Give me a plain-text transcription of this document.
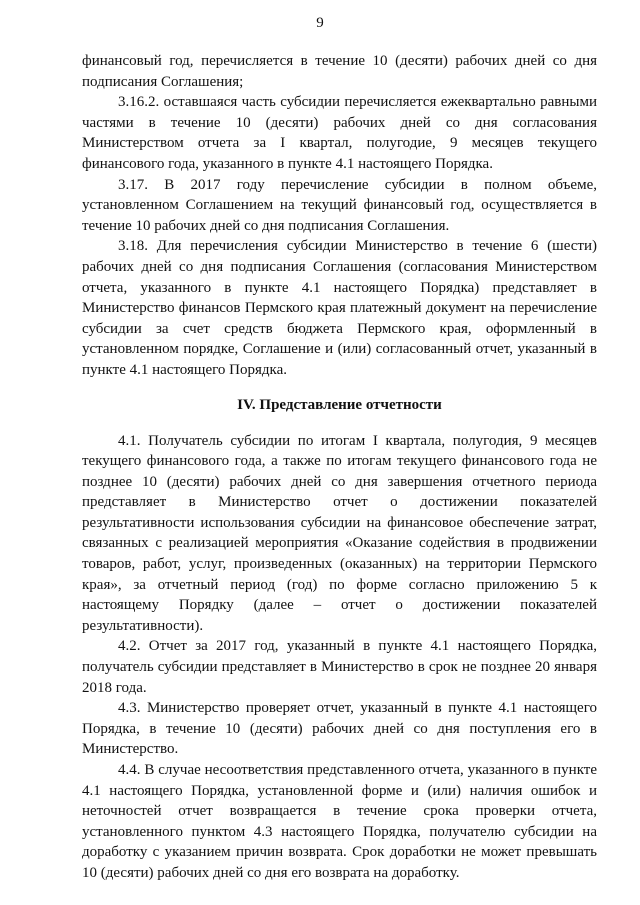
9

финансовый год, перечисляется в течение 10 (десяти) рабочих дней со дня подписания Соглашения;

3.16.2. оставшаяся часть субсидии перечисляется ежеквартально равными частями в течение 10 (десяти) рабочих дней со дня согласования Министерством отчета за I квартал, полугодие, 9 месяцев текущего финансового года, указанного в пункте 4.1 настоящего Порядка.

3.17. В 2017 году перечисление субсидии в полном объеме, установленном Соглашением на текущий финансовый год, осуществляется в течение 10 рабочих дней со дня подписания Соглашения.

3.18. Для перечисления субсидии Министерство в течение 6 (шести) рабочих дней со дня подписания Соглашения (согласования Министерством отчета, указанного в пункте 4.1 настоящего Порядка) представляет в Министерство финансов Пермского края платежный документ на перечисление субсидии за счет средств бюджета Пермского края, оформленный в установленном порядке, Соглашение и (или) согласованный отчет, указанный в пункте 4.1 настоящего Порядка.

IV. Представление отчетности

4.1. Получатель субсидии по итогам I квартала, полугодия, 9 месяцев текущего финансового года, а также по итогам текущего финансового года не позднее 10 (десяти) рабочих дней со дня завершения отчетного периода представляет в Министерство отчет о достижении показателей результативности использования субсидии на финансовое обеспечение затрат, связанных с реализацией мероприятия «Оказание содействия в продвижении товаров, работ, услуг, произведенных (оказанных) на территории Пермского края», за отчетный период (год) по форме согласно приложению 5 к настоящему Порядку (далее – отчет о достижении показателей результативности).

4.2. Отчет за 2017 год, указанный в пункте 4.1 настоящего Порядка, получатель субсидии представляет в Министерство в срок не позднее 20 января 2018 года.

4.3. Министерство проверяет отчет, указанный в пункте 4.1 настоящего Порядка, в течение 10 (десяти) рабочих дней со дня поступления его в Министерство.

4.4. В случае несоответствия представленного отчета, указанного в пункте 4.1 настоящего Порядка, установленной форме и (или) наличия ошибок и неточностей отчет возвращается в течение срока проверки отчета, установленного пунктом 4.3 настоящего Порядка, получателю субсидии на доработку с указанием причин возврата. Срок доработки не может превышать 10 (десяти) рабочих дней со дня его возврата на доработку.
